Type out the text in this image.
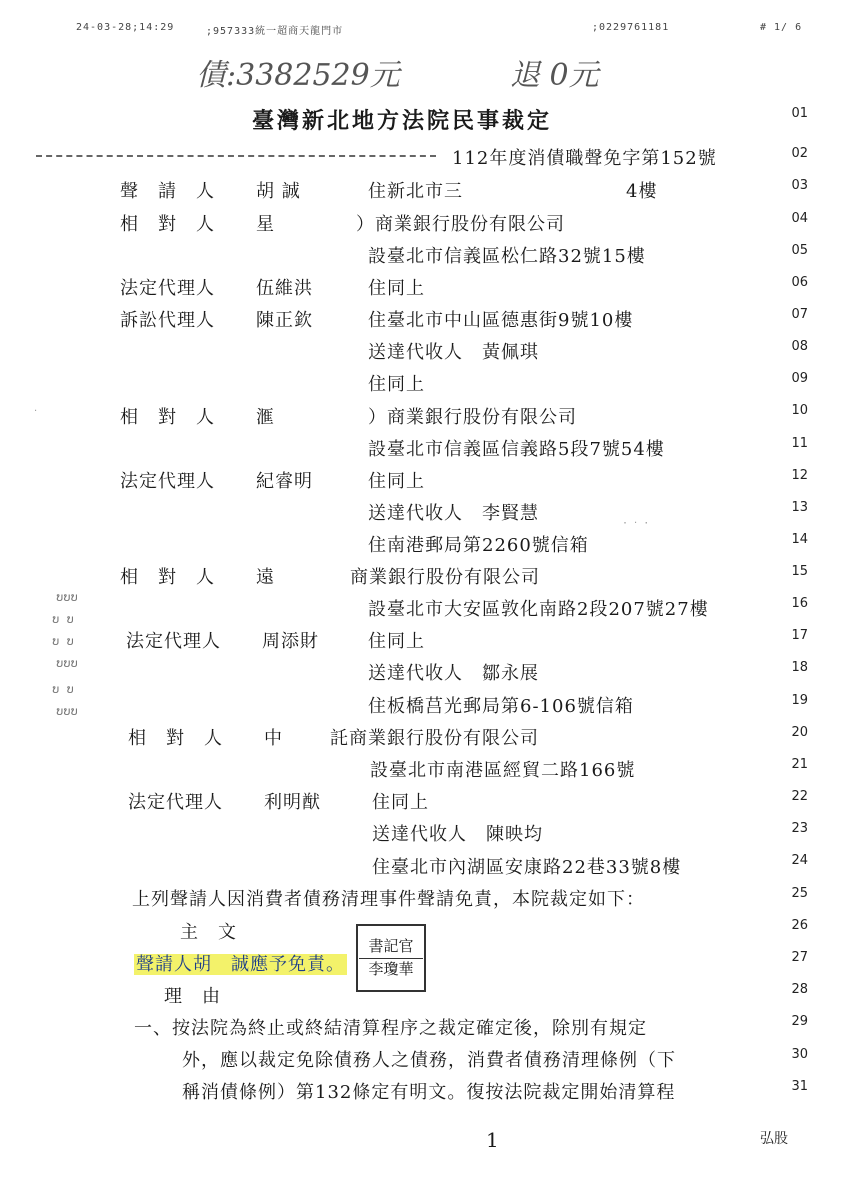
24-03-28;14:29	;957333統一超商天龍門市	;0229761181	# 1/ 6
債:3382529元	退 0元
臺灣新北地方法院民事裁定
112年度消債職聲免字第152號
01
02
03
04
05
06
07
08
09
10
11
12
13
14
15
16
17
18
19
20
21
22
23
24
25
26
27
28
29
30
31
聲請人 胡 誠	住新北市三	4樓
相對人 星	）商業銀行股份有限公司
設臺北市信義區松仁路32號15樓
法定代理人 伍維洪	住同上
訴訟代理人 陳正欽	住臺北市中山區德惠街9號10樓
送達代收人　黃佩琪
住同上
相對人 滙	）商業銀行股份有限公司
設臺北市信義區信義路5段7號54樓
法定代理人 紀睿明	住同上
送達代收人　李賢慧
住南港郵局第2260號信箱
相對人 遠	商業銀行股份有限公司
設臺北市大安區敦化南路2段207號27樓
法定代理人 周添財	住同上
送達代收人　鄒永展
住板橋莒光郵局第6-106號信箱
相對人 中	託商業銀行股份有限公司
設臺北市南港區經貿二路166號
法定代理人 利明猷	住同上
送達代收人　陳映均
住臺北市內湖區安康路22巷33號8樓
上列聲請人因消費者債務清理事件聲請免責，本院裁定如下：
主　文
聲請人胡　誠應予免責。
理　由
一、按法院為終止或終結清算程序之裁定確定後，除別有規定
外，應以裁定免除債務人之債務，消費者債務清理條例（下
稱消債條例）第132條定有明文。復按法院裁定開始清算程
書記官
李瓊華
ບບບ
ບ ບ
ບ ບ
ບບບ
ບ ບ
ບບບ
· ‧ ·
‧
1	弘股
